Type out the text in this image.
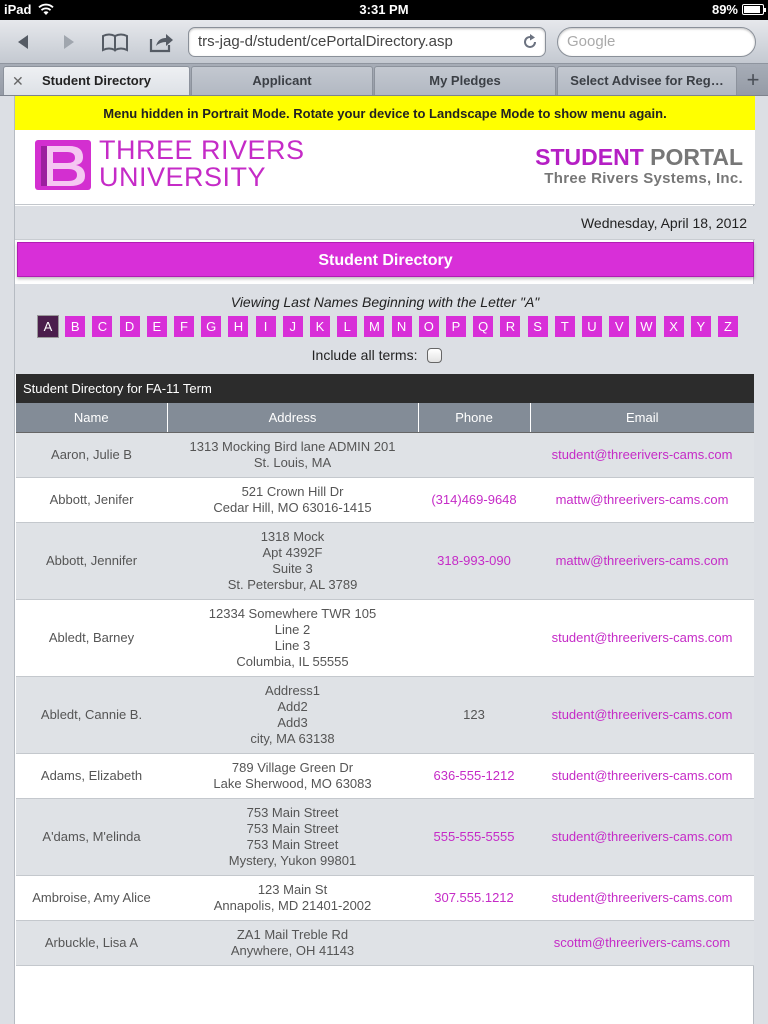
iPad	3:31 PM	89%
trs-jag-d/student/cePortalDirectory.asp	Google
✕ Student Directory	Applicant	My Pledges	Select Advisee for Reg…	+
Menu hidden in Portrait Mode. Rotate your device to Landscape Mode to show menu again.
THREE RIVERS
UNIVERSITY
STUDENT PORTAL
Three Rivers Systems, Inc.
Wednesday, April 18, 2012
Student Directory
Viewing Last Names Beginning with the Letter "A"
A	B	C	D	E	F	G	H	I	J	K	L	M	N	O	P	Q	R	S	T	U	V	W	X	Y	Z
Include all terms:
Student Directory for FA-11 Term
Name	Address	Phone	Email
Aaron, Julie B	1313 Mocking Bird lane ADMIN 201
St. Louis, MA		student@threerivers-cams.com
Abbott, Jenifer	521 Crown Hill Dr
Cedar Hill, MO 63016-1415	(314)469-9648	mattw@threerivers-cams.com
Abbott, Jennifer	1318 Mock
Apt 4392F
Suite 3
St. Petersbur, AL 3789	318-993-090	mattw@threerivers-cams.com
Abledt, Barney	12334 Somewhere TWR 105
Line 2
Line 3
Columbia, IL 55555		student@threerivers-cams.com
Abledt, Cannie B.	Address1
Add2
Add3
city, MA 63138	123	student@threerivers-cams.com
Adams, Elizabeth	789 Village Green Dr
Lake Sherwood, MO 63083	636-555-1212	student@threerivers-cams.com
A'dams, M'elinda	753 Main Street
753 Main Street
753 Main Street
Mystery, Yukon 99801	555-555-5555	student@threerivers-cams.com
Ambroise, Amy Alice	123 Main St
Annapolis, MD 21401-2002	307.555.1212	student@threerivers-cams.com
Arbuckle, Lisa A	ZA1 Mail Treble Rd
Anywhere, OH 41143		scottm@threerivers-cams.com
